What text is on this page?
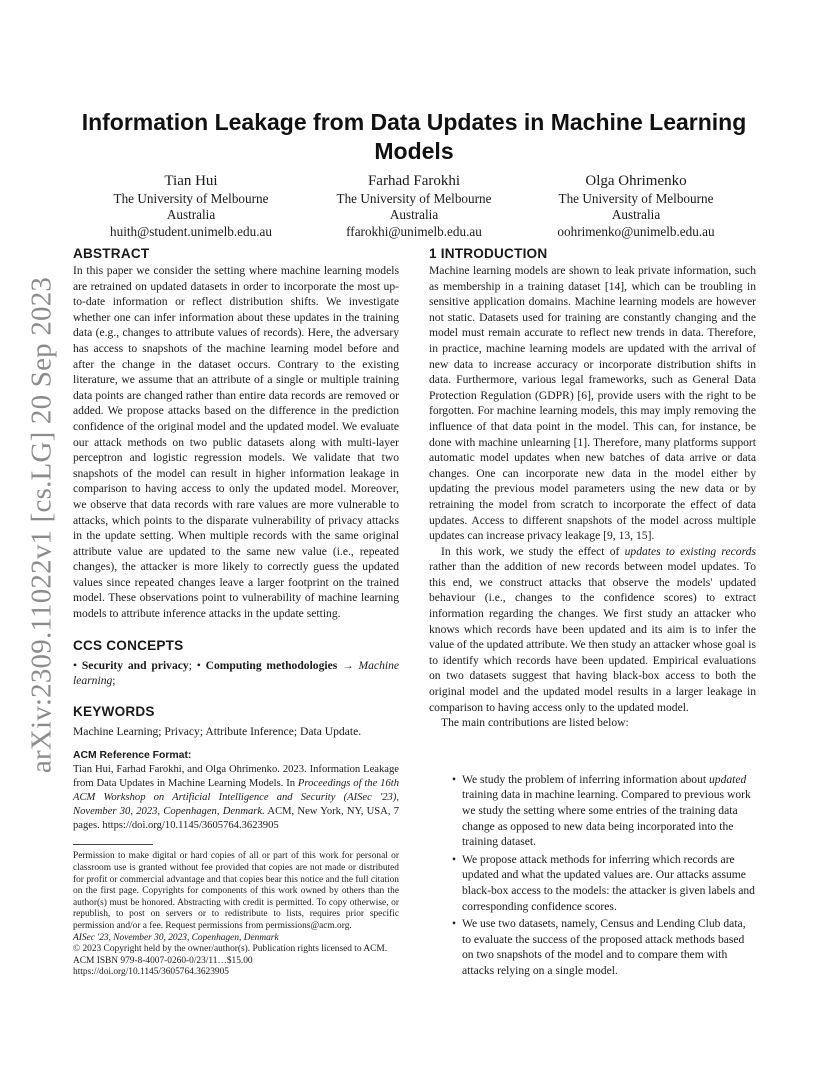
arXiv:2309.11022v1 [cs.LG] 20 Sep 2023
Information Leakage from Data Updates in Machine Learning Models
Tian Hui
The University of Melbourne
Australia
huith@student.unimelb.edu.au
Farhad Farokhi
The University of Melbourne
Australia
ffarokhi@unimelb.edu.au
Olga Ohrimenko
The University of Melbourne
Australia
oohrimenko@unimelb.edu.au
ABSTRACT

In this paper we consider the setting where machine learning models are retrained on updated datasets in order to incorporate the most up-to-date information or reflect distribution shifts. We investigate whether one can infer information about these updates in the training data (e.g., changes to attribute values of records). Here, the adversary has access to snapshots of the machine learning model before and after the change in the dataset occurs. Contrary to the existing literature, we assume that an attribute of a single or multiple training data points are changed rather than entire data records are removed or added. We propose attacks based on the difference in the prediction confidence of the original model and the updated model. We evaluate our attack methods on two public datasets along with multi-layer perceptron and logistic regression models. We validate that two snapshots of the model can result in higher information leakage in comparison to having access to only the updated model. Moreover, we observe that data records with rare values are more vulnerable to attacks, which points to the disparate vulnerability of privacy attacks in the update setting. When multiple records with the same original attribute value are updated to the same new value (i.e., repeated changes), the attacker is more likely to correctly guess the updated values since repeated changes leave a larger footprint on the trained model. These observations point to vulnerability of machine learning models to attribute inference attacks in the update setting.

CCS CONCEPTS

• Security and privacy; • Computing methodologies → Machine learning;

KEYWORDS

Machine Learning; Privacy; Attribute Inference; Data Update.

ACM Reference Format:

Tian Hui, Farhad Farokhi, and Olga Ohrimenko. 2023. Information Leakage from Data Updates in Machine Learning Models. In Proceedings of the 16th ACM Workshop on Artificial Intelligence and Security (AISec '23), November 30, 2023, Copenhagen, Denmark. ACM, New York, NY, USA, 7 pages. https://doi.org/10.1145/3605764.3623905

Permission to make digital or hard copies of all or part of this work for personal or classroom use is granted without fee provided that copies are not made or distributed for profit or commercial advantage and that copies bear this notice and the full citation on the first page. Copyrights for components of this work owned by others than the author(s) must be honored. Abstracting with credit is permitted. To copy otherwise, or republish, to post on servers or to redistribute to lists, requires prior specific permission and/or a fee. Request permissions from permissions@acm.org.

AISec '23, November 30, 2023, Copenhagen, Denmark
© 2023 Copyright held by the owner/author(s). Publication rights licensed to ACM.
ACM ISBN 979-8-4007-0260-0/23/11…$15.00
https://doi.org/10.1145/3605764.3623905
1 INTRODUCTION

Machine learning models are shown to leak private information, such as membership in a training dataset [14], which can be troubling in sensitive application domains. Machine learning models are however not static. Datasets used for training are constantly changing and the model must remain accurate to reflect new trends in data. Therefore, in practice, machine learning models are updated with the arrival of new data to increase accuracy or incorporate distribution shifts in data. Furthermore, various legal frameworks, such as General Data Protection Regulation (GDPR) [6], provide users with the right to be forgotten. For machine learning models, this may imply removing the influence of that data point in the model. This can, for instance, be done with machine unlearning [1]. Therefore, many platforms support automatic model updates when new batches of data arrive or data changes. One can incorporate new data in the model either by updating the previous model parameters using the new data or by retraining the model from scratch to incorporate the effect of data updates. Access to different snapshots of the model across multiple updates can increase privacy leakage [9, 13, 15].

In this work, we study the effect of updates to existing records rather than the addition of new records between model updates. To this end, we construct attacks that observe the models' updated behaviour (i.e., changes to the confidence scores) to extract information regarding the changes. We first study an attacker who knows which records have been updated and its aim is to infer the value of the updated attribute. We then study an attacker whose goal is to identify which records have been updated. Empirical evaluations on two datasets suggest that having black-box access to both the original model and the updated model results in a larger leakage in comparison to having access only to the updated model.

The main contributions are listed below:

• We study the problem of inferring information about updated training data in machine learning. Compared to previous work we study the setting where some entries of the training data change as opposed to new data being incorporated into the training dataset.
• We propose attack methods for inferring which records are updated and what the updated values are. Our attacks assume black-box access to the models: the attacker is given labels and corresponding confidence scores.
• We use two datasets, namely, Census and Lending Club data, to evaluate the success of the proposed attack methods based on two snapshots of the model and to compare them with attacks relying on a single model.
